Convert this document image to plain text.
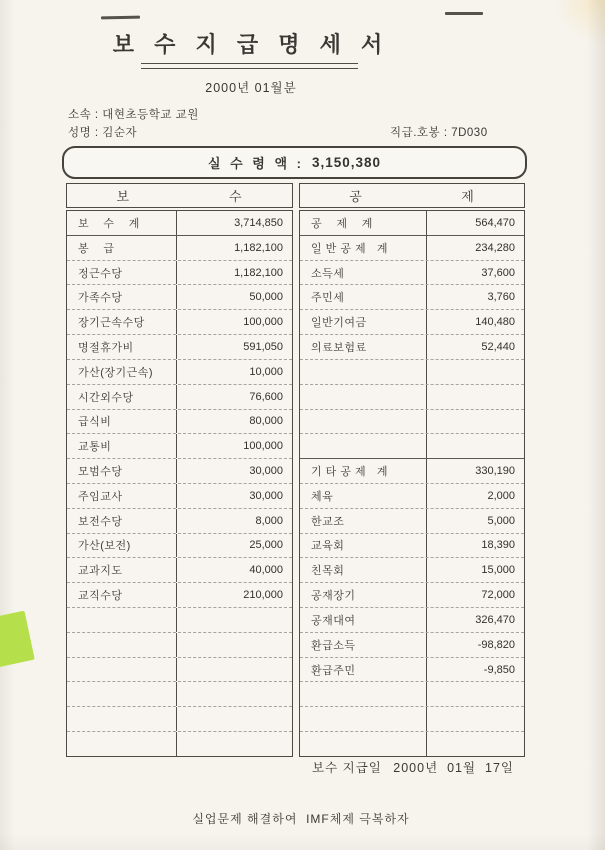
보 수 지 급 명 세 서
2000년 01월분
소속 : 대현초등학교 교원
성명 : 김순자	직급.호봉 : 7D030
실 수 령 액 : 3,150,380
보	수	공	제
보    수    계	3,714,850
봉    급	1,182,100
정근수당	1,182,100
가족수당	50,000
장기근속수당	100,000
명절휴가비	591,050
가산(장기근속)	10,000
시간외수당	76,600
급식비	80,000
교통비	100,000
모범수당	30,000
주임교사	30,000
보전수당	8,000
가산(보전)	25,000
교과지도	40,000
교직수당	210,000
공    제    계	564,470
일 반 공 제   계	234,280
소득세	37,600
주민세	3,760
일반기여금	140,480
의료보험료	52,440
기 타 공 제   계	330,190
체육	2,000
한교조	5,000
교육회	18,390
친목회	15,000
공재장기	72,000
공재대여	326,470
환급소득	-98,820
환급주민	-9,850
보수 지급일 2000년  01월  17일
실업문제 해결하여  IMF체제 극복하자
